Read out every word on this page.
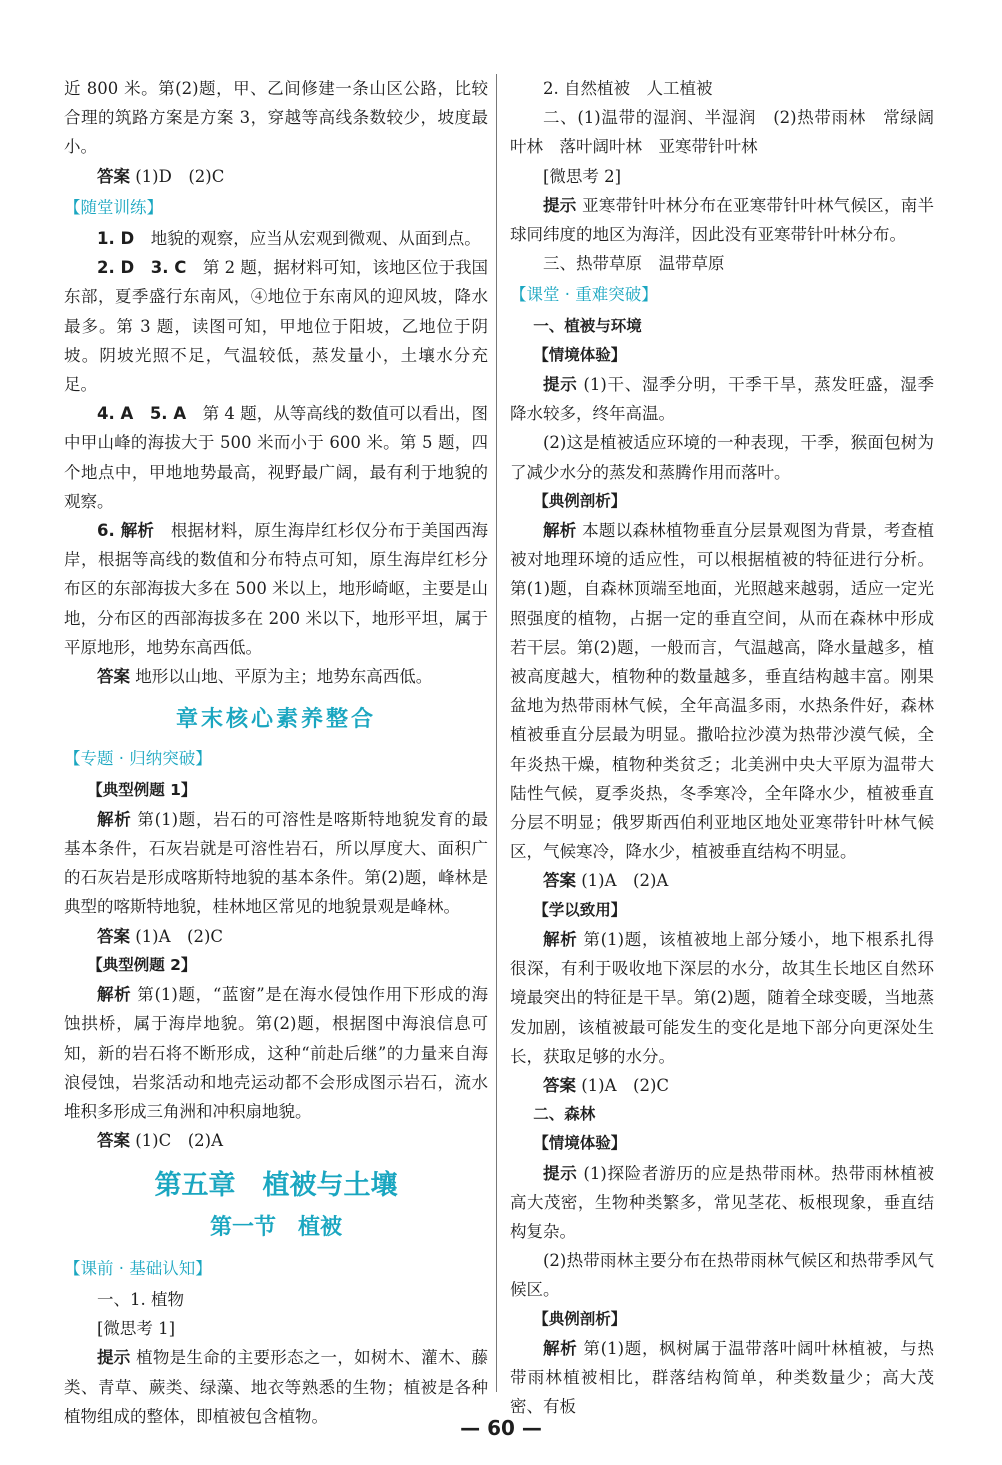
近 800 米。第(2)题，甲、乙间修建一条山区公路，比较合理的筑路方案是方案 3，穿越等高线条数较少，坡度最小。

答案 (1)D　(2)C

【随堂训练】

1. D　地貌的观察，应当从宏观到微观、从面到点。

2. D　3. C　第 2 题，据材料可知，该地区位于我国东部，夏季盛行东南风，④地位于东南风的迎风坡，降水最多。第 3 题，读图可知，甲地位于阳坡，乙地位于阴坡。阴坡光照不足，气温较低，蒸发量小，土壤水分充足。

4. A　5. A　第 4 题，从等高线的数值可以看出，图中甲山峰的海拔大于 500 米而小于 600 米。第 5 题，四个地点中，甲地地势最高，视野最广阔，最有利于地貌的观察。

6. 解析　根据材料，原生海岸红杉仅分布于美国西海岸，根据等高线的数值和分布特点可知，原生海岸红杉分布区的东部海拔大多在 500 米以上，地形崎岖，主要是山地，分布区的西部海拔多在 200 米以下，地形平坦，属于平原地形，地势东高西低。

答案 地形以山地、平原为主；地势东高西低。

章末核心素养整合

【专题 · 归纳突破】

【典型例题 1】

解析 第(1)题，岩石的可溶性是喀斯特地貌发育的最基本条件，石灰岩就是可溶性岩石，所以厚度大、面积广的石灰岩是形成喀斯特地貌的基本条件。第(2)题，峰林是典型的喀斯特地貌，桂林地区常见的地貌景观是峰林。

答案 (1)A　(2)C

【典型例题 2】

解析 第(1)题，“蓝窗”是在海水侵蚀作用下形成的海蚀拱桥，属于海岸地貌。第(2)题，根据图中海浪信息可知，新的岩石将不断形成，这种“前赴后继”的力量来自海浪侵蚀，岩浆活动和地壳运动都不会形成图示岩石，流水堆积多形成三角洲和冲积扇地貌。

答案 (1)C　(2)A

第五章　植被与土壤

第一节　植被

【课前 · 基础认知】

一、1. 植物

[微思考 1]

提示 植物是生命的主要形态之一，如树木、灌木、藤类、青草、蕨类、绿藻、地衣等熟悉的生物；植被是各种植物组成的整体，即植被包含植物。

2. 自然植被　人工植被

二、(1)温带的湿润、半湿润　(2)热带雨林　常绿阔叶林　落叶阔叶林　亚寒带针叶林

[微思考 2]

提示 亚寒带针叶林分布在亚寒带针叶林气候区，南半球同纬度的地区为海洋，因此没有亚寒带针叶林分布。

三、热带草原　温带草原

【课堂 · 重难突破】

一、植被与环境

【情境体验】

提示 (1)干、湿季分明，干季干旱，蒸发旺盛，湿季降水较多，终年高温。

(2)这是植被适应环境的一种表现，干季，猴面包树为了减少水分的蒸发和蒸腾作用而落叶。

【典例剖析】

解析 本题以森林植物垂直分层景观图为背景，考查植被对地理环境的适应性，可以根据植被的特征进行分析。第(1)题，自森林顶端至地面，光照越来越弱，适应一定光照强度的植物，占据一定的垂直空间，从而在森林中形成若干层。第(2)题，一般而言，气温越高，降水量越多，植被高度越大，植物种的数量越多，垂直结构越丰富。刚果盆地为热带雨林气候，全年高温多雨，水热条件好，森林植被垂直分层最为明显。撒哈拉沙漠为热带沙漠气候，全年炎热干燥，植物种类贫乏；北美洲中央大平原为温带大陆性气候，夏季炎热，冬季寒冷，全年降水少，植被垂直分层不明显；俄罗斯西伯利亚地区地处亚寒带针叶林气候区，气候寒冷，降水少，植被垂直结构不明显。

答案 (1)A　(2)A

【学以致用】

解析 第(1)题，该植被地上部分矮小，地下根系扎得很深，有利于吸收地下深层的水分，故其生长地区自然环境最突出的特征是干旱。第(2)题，随着全球变暖，当地蒸发加剧，该植被最可能发生的变化是地下部分向更深处生长，获取足够的水分。

答案 (1)A　(2)C

二、森林

【情境体验】

提示 (1)探险者游历的应是热带雨林。热带雨林植被高大茂密，生物种类繁多，常见茎花、板根现象，垂直结构复杂。

(2)热带雨林主要分布在热带雨林气候区和热带季风气候区。

【典例剖析】

解析 第(1)题，枫树属于温带落叶阔叶林植被，与热带雨林植被相比，群落结构简单，种类数量少；高大茂密、有板

— 60 —
